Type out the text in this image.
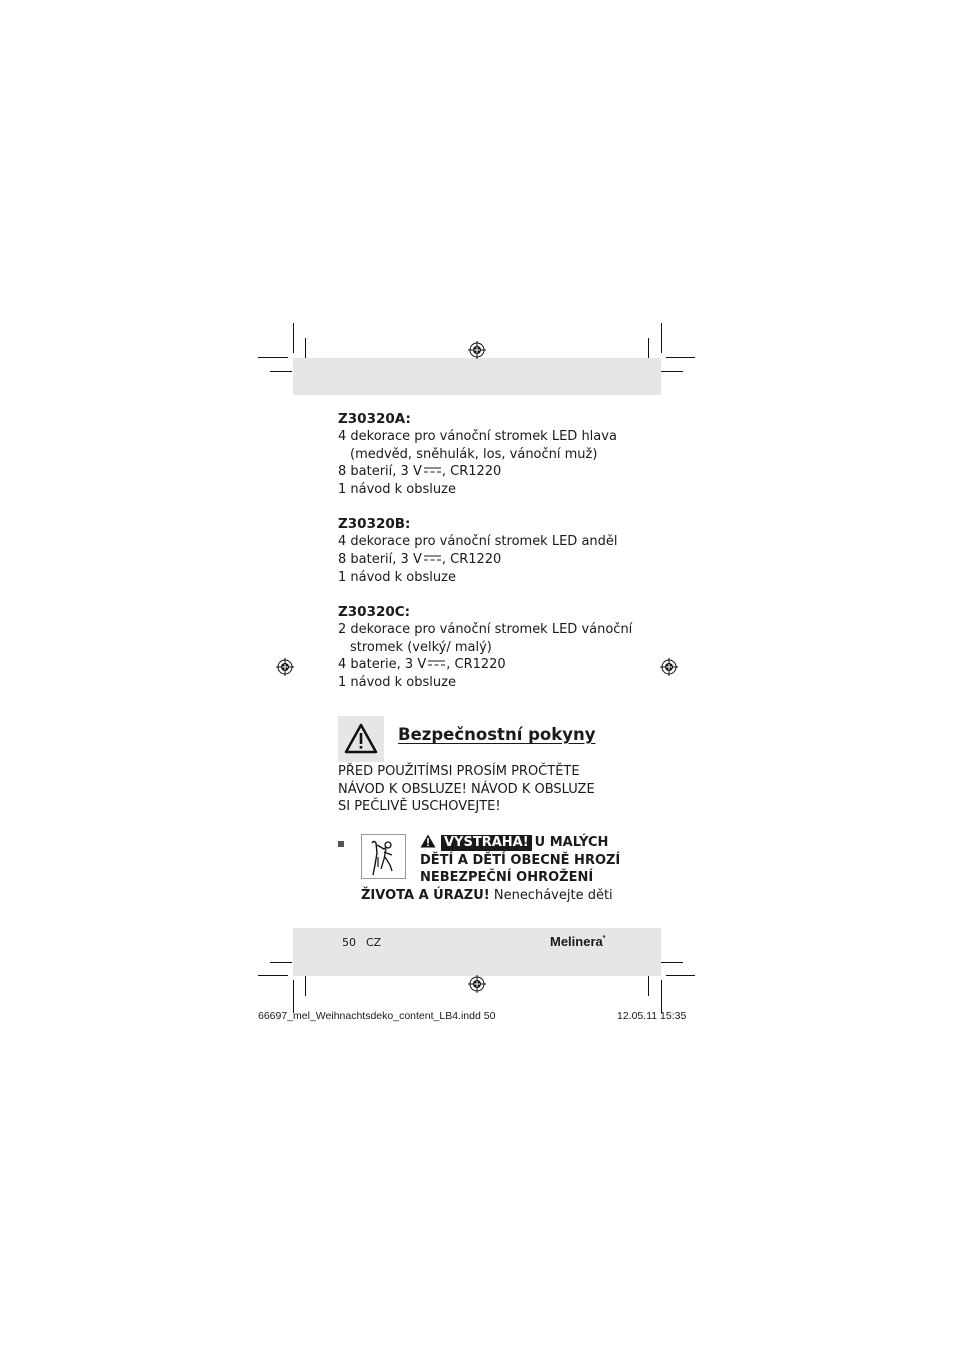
Z30320A:

4 dekorace pro vánoční stromek LED hlava

(medvěd, sněhulák, los, vánoční muž)

8 baterií, 3 V , CR1220

1 návod k obsluze

Z30320B:

4 dekorace pro vánoční stromek LED anděl

8 baterií, 3 V , CR1220

1 návod k obsluze

Z30320C:

2 dekorace pro vánoční stromek LED vánoční

stromek (velký/ malý)

4 baterie, 3 V , CR1220

1 návod k obsluze

Bezpečnostní pokyny
PŘED POUŽITÍMSI PROSÍM PROČTĚTE
NÁVOD K OBSLUZE! NÁVOD K OBSLUZE
SI PEČLIVĚ USCHOVEJTE!
VÝSTRAHA! U MALÝCH
DĚTÍ A DĚTÍ OBECNĚ HROZÍ
NEBEZPEČNÍ OHROŽENÍ
ŽIVOTA A ÚRAZU! Nenechávejte děti
50 CZ	Melinera*
66697_mel_Weihnachtsdeko_content_LB4.indd 50	12.05.11 15:35
